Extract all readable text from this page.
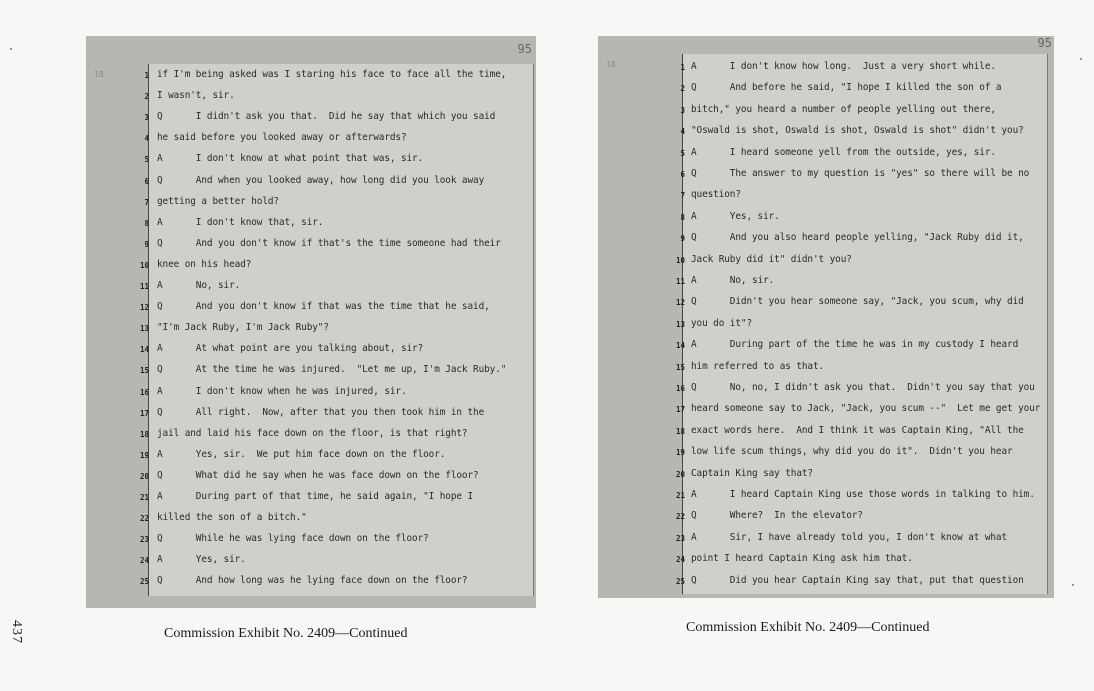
437
95
18	1 if I'm being asked was I staring his face to face all the time,
2 I wasn't, sir.
3 Q      I didn't ask you that.  Did he say that which you said
4 he said before you looked away or afterwards?
5 A      I don't know at what point that was, sir.
6 Q      And when you looked away, how long did you look away
7 getting a better hold?
8 A      I don't know that, sir.
9 Q      And you don't know if that's the time someone had their
10 knee on his head?
11 A      No, sir.
12 Q      And you don't know if that was the time that he said,
13 "I'm Jack Ruby, I'm Jack Ruby"?
14 A      At what point are you talking about, sir?
15 Q      At the time he was injured.  "Let me up, I'm Jack Ruby."
16 A      I don't know when he was injured, sir.
17 Q      All right.  Now, after that you then took him in the
18 jail and laid his face down on the floor, is that right?
19 A      Yes, sir.  We put him face down on the floor.
20 Q      What did he say when he was face down on the floor?
21 A      During part of that time, he said again, "I hope I
22 killed the son of a bitch."
23 Q      While he was lying face down on the floor?
24 A      Yes, sir.
25 Q      And how long was he lying face down on the floor?
95
18	1 A      I don't know how long.  Just a very short while.
2 Q      And before he said, "I hope I killed the son of a
3 bitch," you heard a number of people yelling out there,
4 "Oswald is shot, Oswald is shot, Oswald is shot" didn't you?
5 A      I heard someone yell from the outside, yes, sir.
6 Q      The answer to my question is "yes" so there will be no
7 question?
8 A      Yes, sir.
9 Q      And you also heard people yelling, "Jack Ruby did it,
10 Jack Ruby did it" didn't you?
11 A      No, sir.
12 Q      Didn't you hear someone say, "Jack, you scum, why did
13 you do it"?
14 A      During part of the time he was in my custody I heard
15 him referred to as that.
16 Q      No, no, I didn't ask you that.  Didn't you say that you
17 heard someone say to Jack, "Jack, you scum --"  Let me get your
18 exact words here.  And I think it was Captain King, "All the
19 low life scum things, why did you do it".  Didn't you hear
20 Captain King say that?
21 A      I heard Captain King use those words in talking to him.
22 Q      Where?  In the elevator?
23 A      Sir, I have already told you, I don't know at what
24 point I heard Captain King ask him that.
25 Q      Did you hear Captain King say that, put that question
Commission Exhibit No. 2409—Continued	Commission Exhibit No. 2409—Continued
